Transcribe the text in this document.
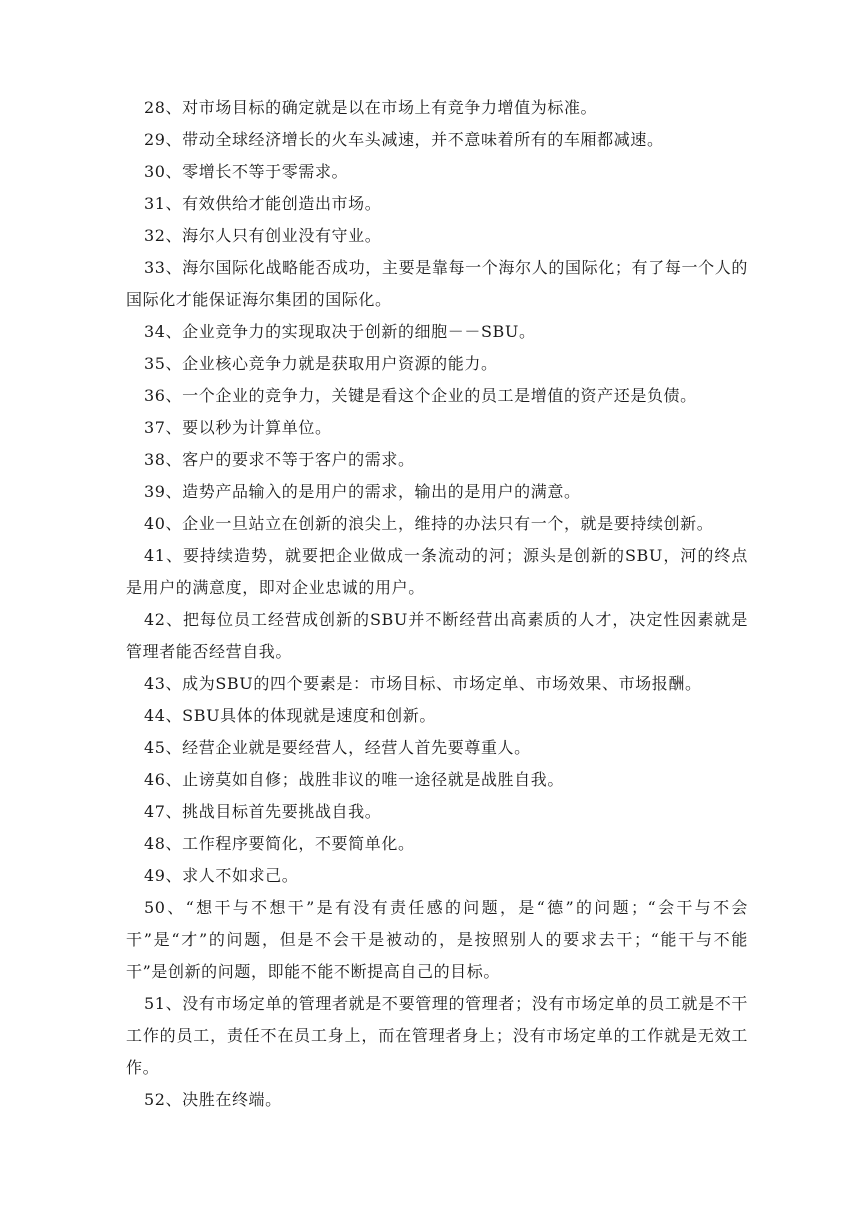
28、对市场目标的确定就是以在市场上有竞争力增值为标准。

29、带动全球经济增长的火车头减速，并不意味着所有的车厢都减速。

30、零增长不等于零需求。

31、有效供给才能创造出市场。

32、海尔人只有创业没有守业。

33、海尔国际化战略能否成功，主要是靠每一个海尔人的国际化；有了每一个人的国际化才能保证海尔集团的国际化。

34、企业竞争力的实现取决于创新的细胞－－SBU。

35、企业核心竞争力就是获取用户资源的能力。

36、一个企业的竞争力，关键是看这个企业的员工是增值的资产还是负债。

37、要以秒为计算单位。

38、客户的要求不等于客户的需求。

39、造势产品输入的是用户的需求，输出的是用户的满意。

40、企业一旦站立在创新的浪尖上，维持的办法只有一个，就是要持续创新。

41、要持续造势，就要把企业做成一条流动的河；源头是创新的SBU，河的终点是用户的满意度，即对企业忠诚的用户。

42、把每位员工经营成创新的SBU并不断经营出高素质的人才，决定性因素就是管理者能否经营自我。

43、成为SBU的四个要素是：市场目标、市场定单、市场效果、市场报酬。

44、SBU具体的体现就是速度和创新。

45、经营企业就是要经营人，经营人首先要尊重人。

46、止谤莫如自修；战胜非议的唯一途径就是战胜自我。

47、挑战目标首先要挑战自我。

48、工作程序要简化，不要简单化。

49、求人不如求己。

50、“想干与不想干”是有没有责任感的问题，是“德”的问题；“会干与不会干”是“才”的问题，但是不会干是被动的，是按照别人的要求去干；“能干与不能干”是创新的问题，即能不能不断提高自己的目标。

51、没有市场定单的管理者就是不要管理的管理者；没有市场定单的员工就是不干工作的员工，责任不在员工身上，而在管理者身上；没有市场定单的工作就是无效工作。

52、决胜在终端。
